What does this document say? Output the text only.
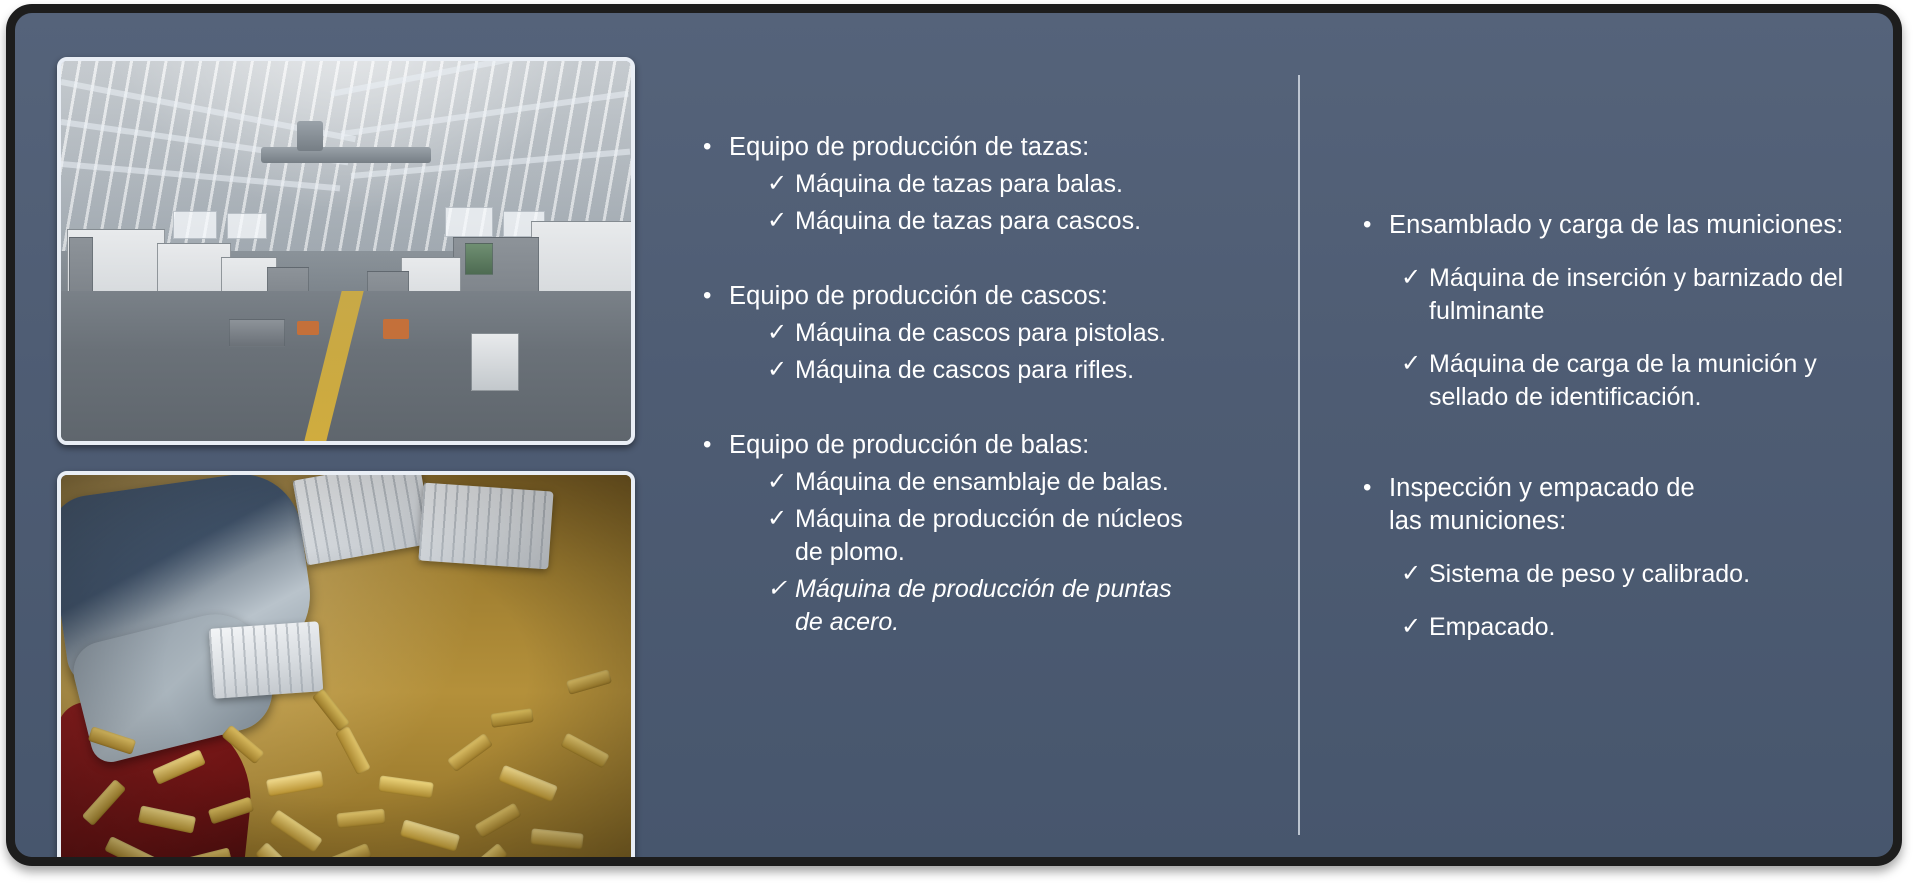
• Equipo de producción de tazas:
✓ Máquina de tazas para balas.
✓ Máquina de tazas para cascos.
• Equipo de producción de cascos:
✓ Máquina de cascos para pistolas.
✓ Máquina de cascos para rifles.
• Equipo de producción de balas:
✓ Máquina de ensamblaje de balas.
✓ Máquina de producción de núcleos de plomo.
✓ Máquina de producción de puntas de acero.
• Ensamblado y carga de las municiones:
✓ Máquina de inserción y barnizado del fulminante
✓ Máquina de carga de la munición y sellado de identificación.
• Inspección y empacado de las municiones:
✓ Sistema de peso y calibrado.
✓ Empacado.
